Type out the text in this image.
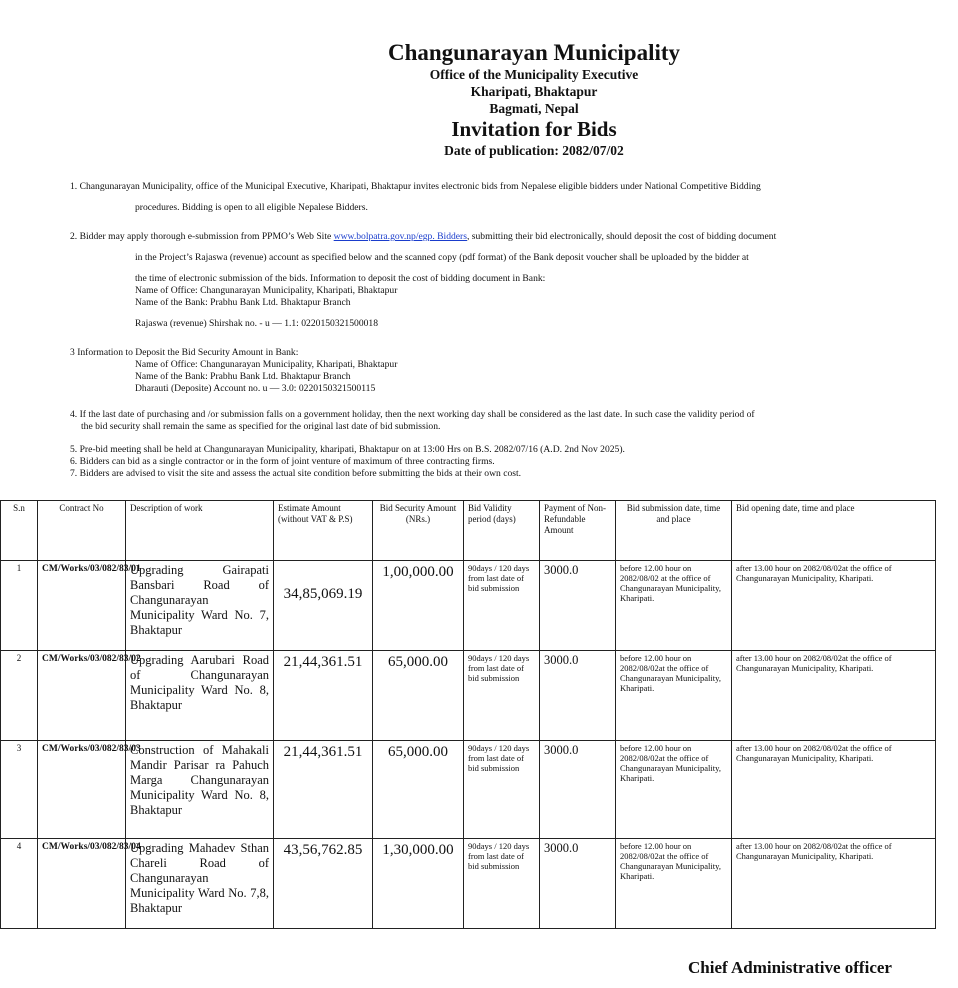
Changunarayan Municipality
Office of the Municipality Executive
Kharipati, Bhaktapur
Bagmati, Nepal
Invitation for Bids
Date of publication: 2082/07/02
1. Changunarayan Municipality, office of the Municipal Executive, Kharipati, Bhaktapur invites electronic bids from Nepalese eligible bidders under National Competitive Bidding
procedures. Bidding is open to all eligible Nepalese Bidders.
2. Bidder may apply thorough e-submission from PPMO’s Web Site www.bolpatra.gov.np/egp. Bidders, submitting their bid electronically, should deposit the cost of bidding document
in the Project’s Rajaswa (revenue) account as specified below and the scanned copy (pdf format) of the Bank deposit voucher shall be uploaded by the bidder at
the time of electronic submission of the bids. Information to deposit the cost of bidding document in Bank:
Name of Office: Changunarayan Municipality, Kharipati, Bhaktapur
Name of the Bank: Prabhu Bank Ltd. Bhaktapur Branch
Rajaswa (revenue) Shirshak no. - u — 1.1: 0220150321500018
3 Information to Deposit the Bid Security Amount in Bank:
Name of Office: Changunarayan Municipality, Kharipati, Bhaktapur
Name of the Bank: Prabhu Bank Ltd. Bhaktapur Branch
Dharauti (Deposite) Account no. u — 3.0: 0220150321500115
4. If the last date of purchasing and /or submission falls on a government holiday, then the next working day shall be considered as the last date. In such case the validity period of
the bid security shall remain the same as specified for the original last date of bid submission.
5. Pre-bid meeting shall be held at Changunarayan Municipality, kharipati, Bhaktapur on at 13:00 Hrs on B.S. 2082/07/16 (A.D. 2nd Nov 2025).
6. Bidders can bid as a single contractor or in the form of joint venture of maximum of three contracting firms.
7. Bidders are advised to visit the site and assess the actual site condition before submitting the bids at their own cost.
S.n	Contract No	Description of work	Estimate Amount (without VAT & P.S)	Bid Security Amount (NRs.)	Bid Validity period (days)	Payment of Non-Refundable Amount	Bid submission date, time and place	Bid opening date, time and place
1	CM/Works/03/082/83/01	Upgrading Gairapati Bansbari Road of Changunarayan Municipality Ward No. 7, Bhaktapur	34,85,069.19	1,00,000.00	90days / 120 days from last date of bid submission	3000.0	before 12.00 hour on 2082/08/02 at the office of Changunarayan Municipality, Kharipati.	after 13.00 hour on 2082/08/02at the office of Changunarayan Municipality, Kharipati.
2	CM/Works/03/082/83/02	Upgrading Aarubari Road of Changunarayan Municipality Ward No. 8, Bhaktapur	21,44,361.51	65,000.00	90days / 120 days from last date of bid submission	3000.0	before 12.00 hour on 2082/08/02at the office of Changunarayan Municipality, Kharipati.	after 13.00 hour on 2082/08/02at the office of Changunarayan Municipality, Kharipati.
3	CM/Works/03/082/83/03	Construction of Mahakali Mandir Parisar ra Pahuch Marga Changunarayan Municipality Ward No. 8, Bhaktapur	21,44,361.51	65,000.00	90days / 120 days from last date of bid submission	3000.0	before 12.00 hour on 2082/08/02at the office of Changunarayan Municipality, Kharipati.	after 13.00 hour on 2082/08/02at the office of Changunarayan Municipality, Kharipati.
4	CM/Works/03/082/83/04	Upgrading Mahadev Sthan Chareli Road of Changunarayan Municipality Ward No. 7,8, Bhaktapur	43,56,762.85	1,30,000.00	90days / 120 days from last date of bid submission	3000.0	before 12.00 hour on 2082/08/02at the office of Changunarayan Municipality, Kharipati.	after 13.00 hour on 2082/08/02at the office of Changunarayan Municipality, Kharipati.
Chief Administrative officer
